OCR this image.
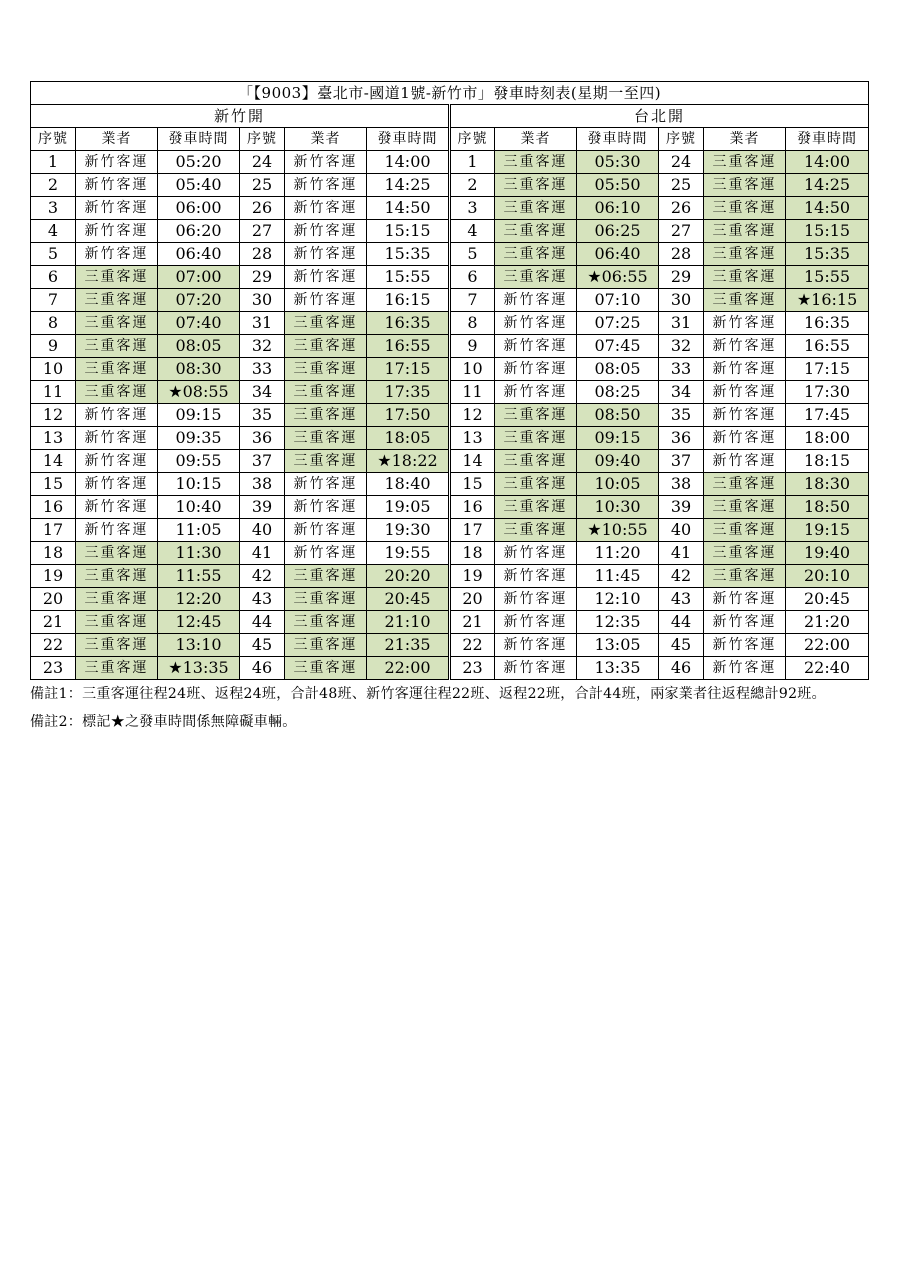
「【9003】臺北市-國道1號-新竹市」發車時刻表(星期一至四)											
新竹開						台北開					
序號	業者	發車時間	序號	業者	發車時間	序號	業者	發車時間	序號	業者	發車時間
1	新竹客運	05:20	24	新竹客運	14:00	1	三重客運	05:30	24	三重客運	14:00
2	新竹客運	05:40	25	新竹客運	14:25	2	三重客運	05:50	25	三重客運	14:25
3	新竹客運	06:00	26	新竹客運	14:50	3	三重客運	06:10	26	三重客運	14:50
4	新竹客運	06:20	27	新竹客運	15:15	4	三重客運	06:25	27	三重客運	15:15
5	新竹客運	06:40	28	新竹客運	15:35	5	三重客運	06:40	28	三重客運	15:35
6	三重客運	07:00	29	新竹客運	15:55	6	三重客運	★06:55	29	三重客運	15:55
7	三重客運	07:20	30	新竹客運	16:15	7	新竹客運	07:10	30	三重客運	★16:15
8	三重客運	07:40	31	三重客運	16:35	8	新竹客運	07:25	31	新竹客運	16:35
9	三重客運	08:05	32	三重客運	16:55	9	新竹客運	07:45	32	新竹客運	16:55
10	三重客運	08:30	33	三重客運	17:15	10	新竹客運	08:05	33	新竹客運	17:15
11	三重客運	★08:55	34	三重客運	17:35	11	新竹客運	08:25	34	新竹客運	17:30
12	新竹客運	09:15	35	三重客運	17:50	12	三重客運	08:50	35	新竹客運	17:45
13	新竹客運	09:35	36	三重客運	18:05	13	三重客運	09:15	36	新竹客運	18:00
14	新竹客運	09:55	37	三重客運	★18:22	14	三重客運	09:40	37	新竹客運	18:15
15	新竹客運	10:15	38	新竹客運	18:40	15	三重客運	10:05	38	三重客運	18:30
16	新竹客運	10:40	39	新竹客運	19:05	16	三重客運	10:30	39	三重客運	18:50
17	新竹客運	11:05	40	新竹客運	19:30	17	三重客運	★10:55	40	三重客運	19:15
18	三重客運	11:30	41	新竹客運	19:55	18	新竹客運	11:20	41	三重客運	19:40
19	三重客運	11:55	42	三重客運	20:20	19	新竹客運	11:45	42	三重客運	20:10
20	三重客運	12:20	43	三重客運	20:45	20	新竹客運	12:10	43	新竹客運	20:45
21	三重客運	12:45	44	三重客運	21:10	21	新竹客運	12:35	44	新竹客運	21:20
22	三重客運	13:10	45	三重客運	21:35	22	新竹客運	13:05	45	新竹客運	22:00
23	三重客運	★13:35	46	三重客運	22:00	23	新竹客運	13:35	46	新竹客運	22:40

備註1：三重客運往程24班、返程24班，合計48班、新竹客運往程22班、返程22班，合計44班，兩家業者往返程總計92班。

備註2：標記★之發車時間係無障礙車輛。
